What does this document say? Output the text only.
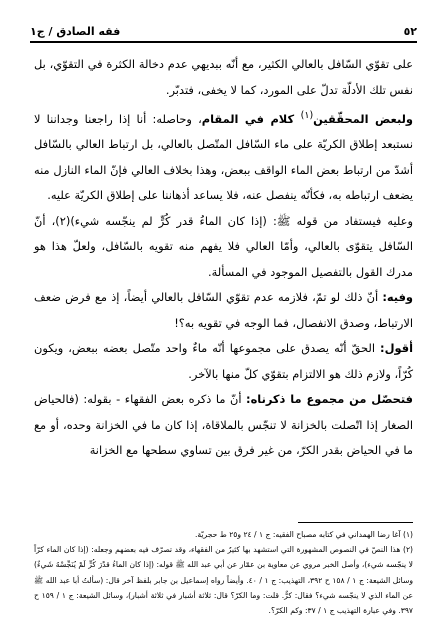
٥٢
فقه الصادق / ج١

على تقوّي السّافل بالعالي الكثير، مع أنّه ببديهي عدم دخالة الكثرة في التقوّي، بل نفس تلك الأدلّة تدلّ على المورد، كما لا يخفى، فتدبّر.

ولبعض المحقّقين$^{(١)}$ كلام في المقام، وحاصله: أنا إذا راجعنا وجداننا لا نستبعد إطلاق الكريّة على ماء السّافل المتّصل بالعالي، بل ارتباط العالي بالسّافل أشدّ من ارتباط بعض الماء الواقف ببعض، وهذا بخلاف العالي فإنّ الماء النازل منه يضعف ارتباطه به، فكأنّه ينفصل عنه، فلا يساعد أذهاننا على إطلاق الكريّة عليه.

وعليه فيستفاد من قوله ﷺ: (إذا كان الماءُ قدر كُرٍّ لم ينجّسه شيء)(٢)، أنّ السّافل يتقوّى بالعالي، وأمّا العالي فلا يفهم منه تقويه بالسّافل، ولعلّ هذا هو مدرك القول بالتفصيل الموجود في المسألة.

وفيه: أنّ ذلك لو تمّ، فلازمه عدم تقوّي السّافل بالعالي أيضاً، إذ مع فرض ضعف الارتباط، وصدق الانفصال، فما الوجه في تقويه به؟!

أقول: الحقّ أنّه يصدق على مجموعها أنّه ماءٌ واحد متّصل بعضه ببعض، ويكون كُرّاً، ولازم ذلك هو الالتزام بتقوّي كلّ منها بالآخر.

فتحصّل من مجموع ما ذكرناه: أنّ ما ذكره بعض الفقهاء - بقوله: (فالحياض الصغار إذا اتّصلت بالخزانة لا تنجّس بالملاقاة، إذا كان ما في الخزانة وحده، أو مع ما في الحياض بقدر الكرّ، من غير فرق بين تساوي سطحها مع الخزانة

(١) آغا رضا الهمداني في كتابه مصباح الفقيه: ج ١ / ٢٤ و٢٥ ط حجريّة.

(٢) هذا النصّ في النصوص المشهورة التي استشهد بها كثيرٌ من الفقهاء، وقد تصرّف فيه بعضهم وجعله: (إذا كان الماء كرّاً لا ينجّسه شيء)، وأصل الخبر مروي عن معاوية بن عمّار عن أبي عبد الله ﷺ قوله: (إذا كان الماءُ قدْرَ كُرٍّ لَمْ يُنَجِّسْهُ شَيءٌ) وسائل الشيعة: ج ١ / ١٥٨ ح ٣٩٢، التهذيب: ج ١ / ٤٠. وأيضاً رواه إسماعيل بن جابر بلفظ آخر قال: (سألتُ أبا عبد الله ﷺ عن الماء الذي لا ينجّسه شيء؟ فقال: كرٌّ. قلت: وما الكرّ؟ قال: ثلاثة أشبار في ثلاثة أشبار)، وسائل الشيعة: ج ١ / ١٥٩ ح ٣٩٧. وفي عبارة التهذيب ج ١ / ٣٧: وكم الكرّ؟.
